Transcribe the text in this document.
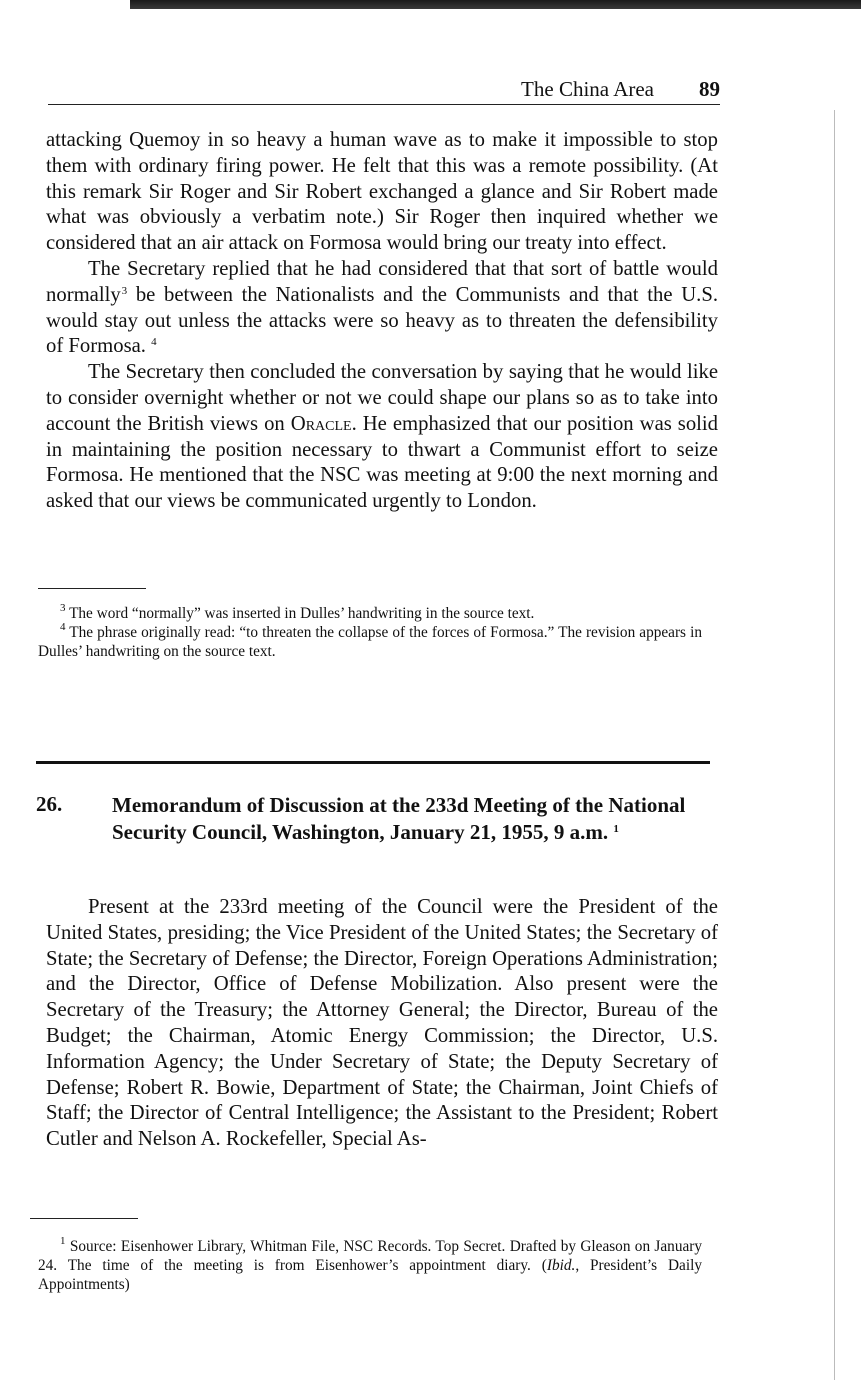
The China Area 89

attacking Quemoy in so heavy a human wave as to make it impossible to stop them with ordinary firing power. He felt that this was a remote possibility. (At this remark Sir Roger and Sir Robert exchanged a glance and Sir Robert made what was obviously a verbatim note.) Sir Roger then inquired whether we considered that an air attack on Formosa would bring our treaty into effect.

The Secretary replied that he had considered that that sort of battle would normally $^3$ be between the Nationalists and the Communists and that the U.S. would stay out unless the attacks were so heavy as to threaten the defensibility of Formosa. $^4$

The Secretary then concluded the conversation by saying that he would like to consider overnight whether or not we could shape our plans so as to take into account the British views on Oracle. He emphasized that our position was solid in maintaining the position necessary to thwart a Communist effort to seize Formosa. He mentioned that the NSC was meeting at 9:00 the next morning and asked that our views be communicated urgently to London.

$^3$ The word “normally” was inserted in Dulles’ handwriting in the source text.

$^4$ The phrase originally read: “to threaten the collapse of the forces of Formosa.” The revision appears in Dulles’ handwriting on the source text.

26. Memorandum of Discussion at the 233d Meeting of the National Security Council, Washington, January 21, 1955, 9 a.m. $^1$

Present at the 233rd meeting of the Council were the President of the United States, presiding; the Vice President of the United States; the Secretary of State; the Secretary of Defense; the Director, Foreign Operations Administration; and the Director, Office of Defense Mobilization. Also present were the Secretary of the Treasury; the Attorney General; the Director, Bureau of the Budget; the Chairman, Atomic Energy Commission; the Director, U.S. Information Agency; the Under Secretary of State; the Deputy Secretary of Defense; Robert R. Bowie, Department of State; the Chairman, Joint Chiefs of Staff; the Director of Central Intelligence; the Assistant to the President; Robert Cutler and Nelson A. Rockefeller, Special As-

$^1$ Source: Eisenhower Library, Whitman File, NSC Records. Top Secret. Drafted by Gleason on January 24. The time of the meeting is from Eisenhower’s appointment diary. (Ibid., President’s Daily Appointments)
